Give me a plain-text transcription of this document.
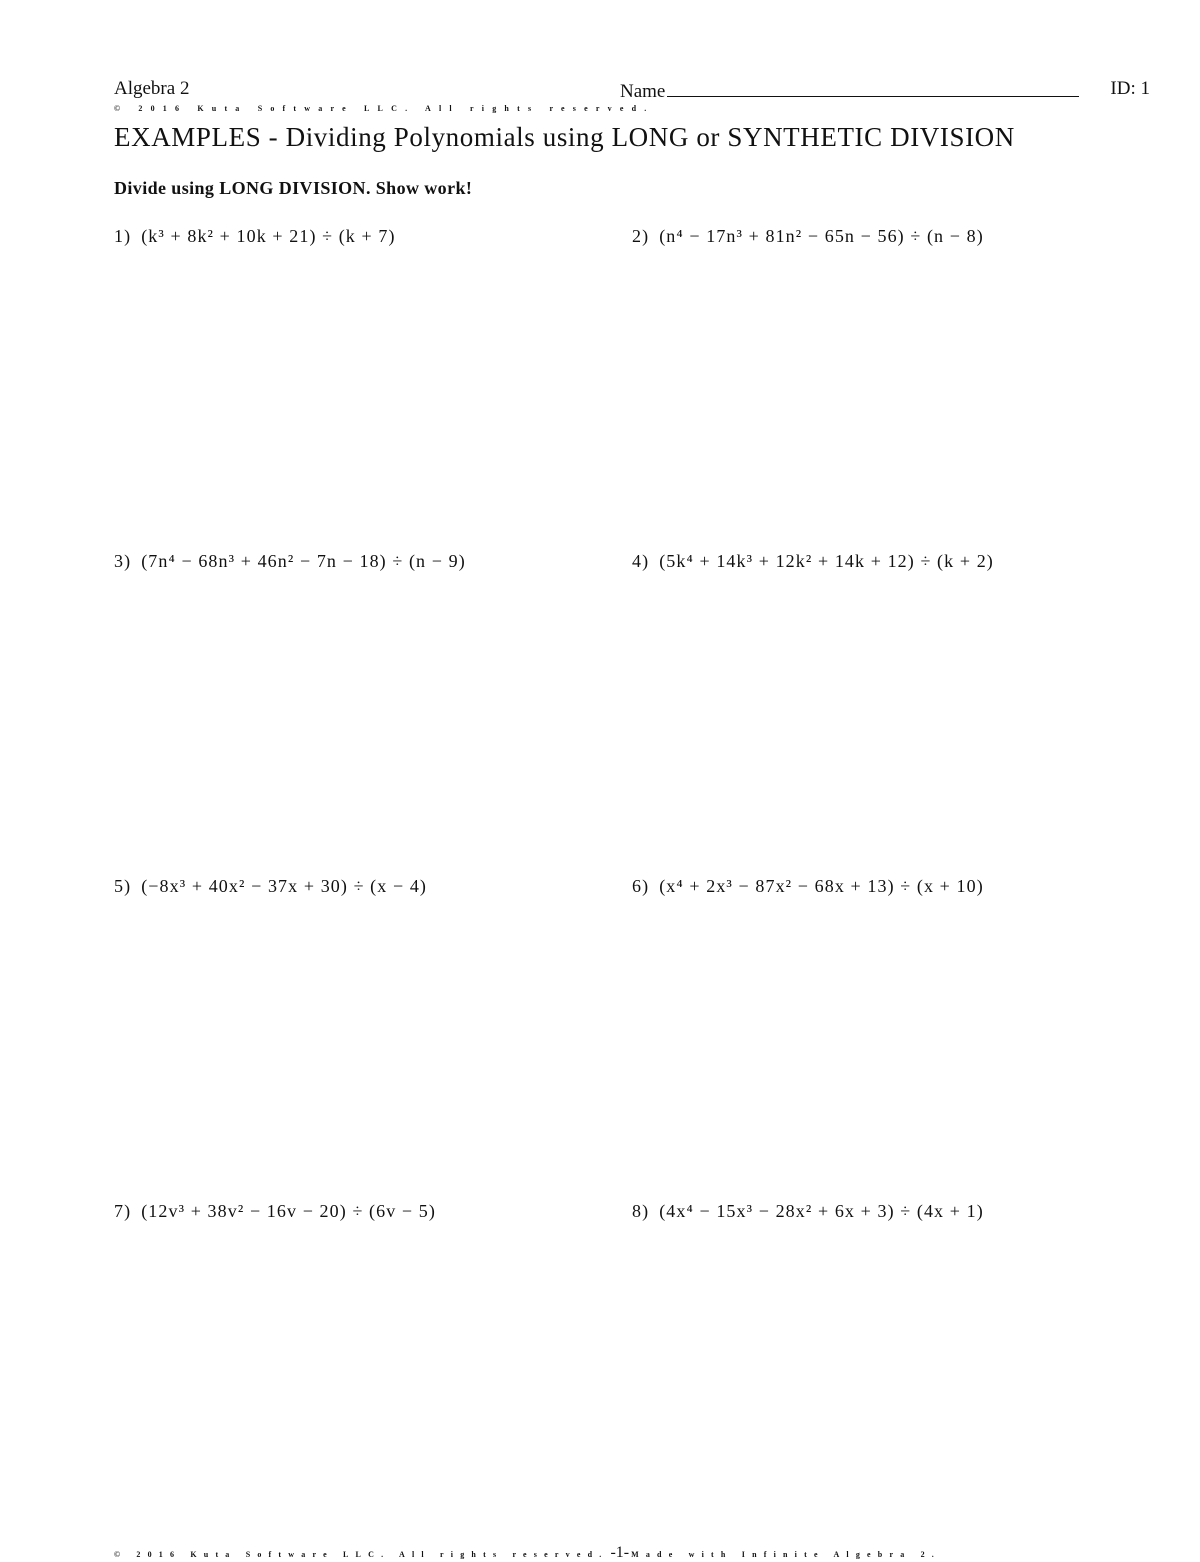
Algebra 2	Name	ID: 1
© 2016 Kuta Software LLC. All rights reserved.
EXAMPLES - Dividing Polynomials using LONG or SYNTHETIC DIVISION
Divide using LONG DIVISION. Show work!
1) (k³ + 8k² + 10k + 21) ÷ (k + 7)	2) (n⁴ − 17n³ + 81n² − 65n − 56) ÷ (n − 8)
3) (7n⁴ − 68n³ + 46n² − 7n − 18) ÷ (n − 9)	4) (5k⁴ + 14k³ + 12k² + 14k + 12) ÷ (k + 2)
5) (−8x³ + 40x² − 37x + 30) ÷ (x − 4)	6) (x⁴ + 2x³ − 87x² − 68x + 13) ÷ (x + 10)
7) (12v³ + 38v² − 16v − 20) ÷ (6v − 5)	8) (4x⁴ − 15x³ − 28x² + 6x + 3) ÷ (4x + 1)
© 2016 Kuta Software LLC. All rights reserved. -1- Made with Infinite Algebra 2.
